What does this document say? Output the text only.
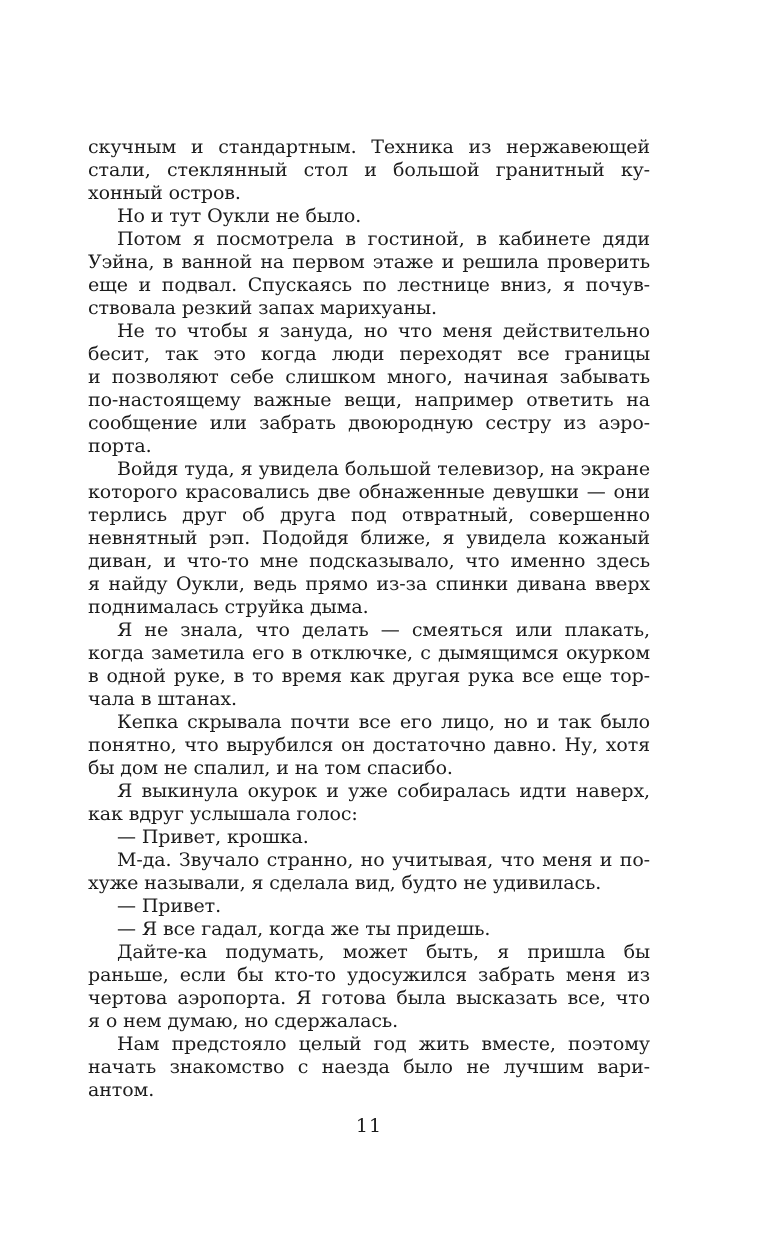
скучным и стандартным. Техника из нержавеющей
стали, стеклянный стол и большой гранитный ку-
хонный остров.
Но и тут Оукли не было.
Потом я посмотрела в гостиной, в кабинете дяди
Уэйна, в ванной на первом этаже и решила проверить
еще и подвал. Спускаясь по лестнице вниз, я почув-
ствовала резкий запах марихуаны.
Не то чтобы я зануда, но что меня действительно
бесит, так это когда люди переходят все границы
и позволяют себе слишком много, начиная забывать
по-настоящему важные вещи, например ответить на
сообщение или забрать двоюродную сестру из аэро-
порта.
Войдя туда, я увидела большой телевизор, на экране
которого красовались две обнаженные девушки — они
терлись друг об друга под отвратный, совершенно
невнятный рэп. Подойдя ближе, я увидела кожаный
диван, и что-то мне подсказывало, что именно здесь
я найду Оукли, ведь прямо из-за спинки дивана вверх
поднималась струйка дыма.
Я не знала, что делать — смеяться или плакать,
когда заметила его в отключке, с дымящимся окурком
в одной руке, в то время как другая рука все еще тор-
чала в штанах.
Кепка скрывала почти все его лицо, но и так было
понятно, что вырубился он достаточно давно. Ну, хотя
бы дом не спалил, и на том спасибо.
Я выкинула окурок и уже собиралась идти наверх,
как вдруг услышала голос:
— Привет, крошка.
М-да. Звучало странно, но учитывая, что меня и по-
хуже называли, я сделала вид, будто не удивилась.
— Привет.
— Я все гадал, когда же ты придешь.
Дайте-ка подумать, может быть, я пришла бы
раньше, если бы кто-то удосужился забрать меня из
чертова аэропорта. Я готова была высказать все, что
я о нем думаю, но сдержалась.
Нам предстояло целый год жить вместе, поэтому
начать знакомство с наезда было не лучшим вари-
антом.
11
